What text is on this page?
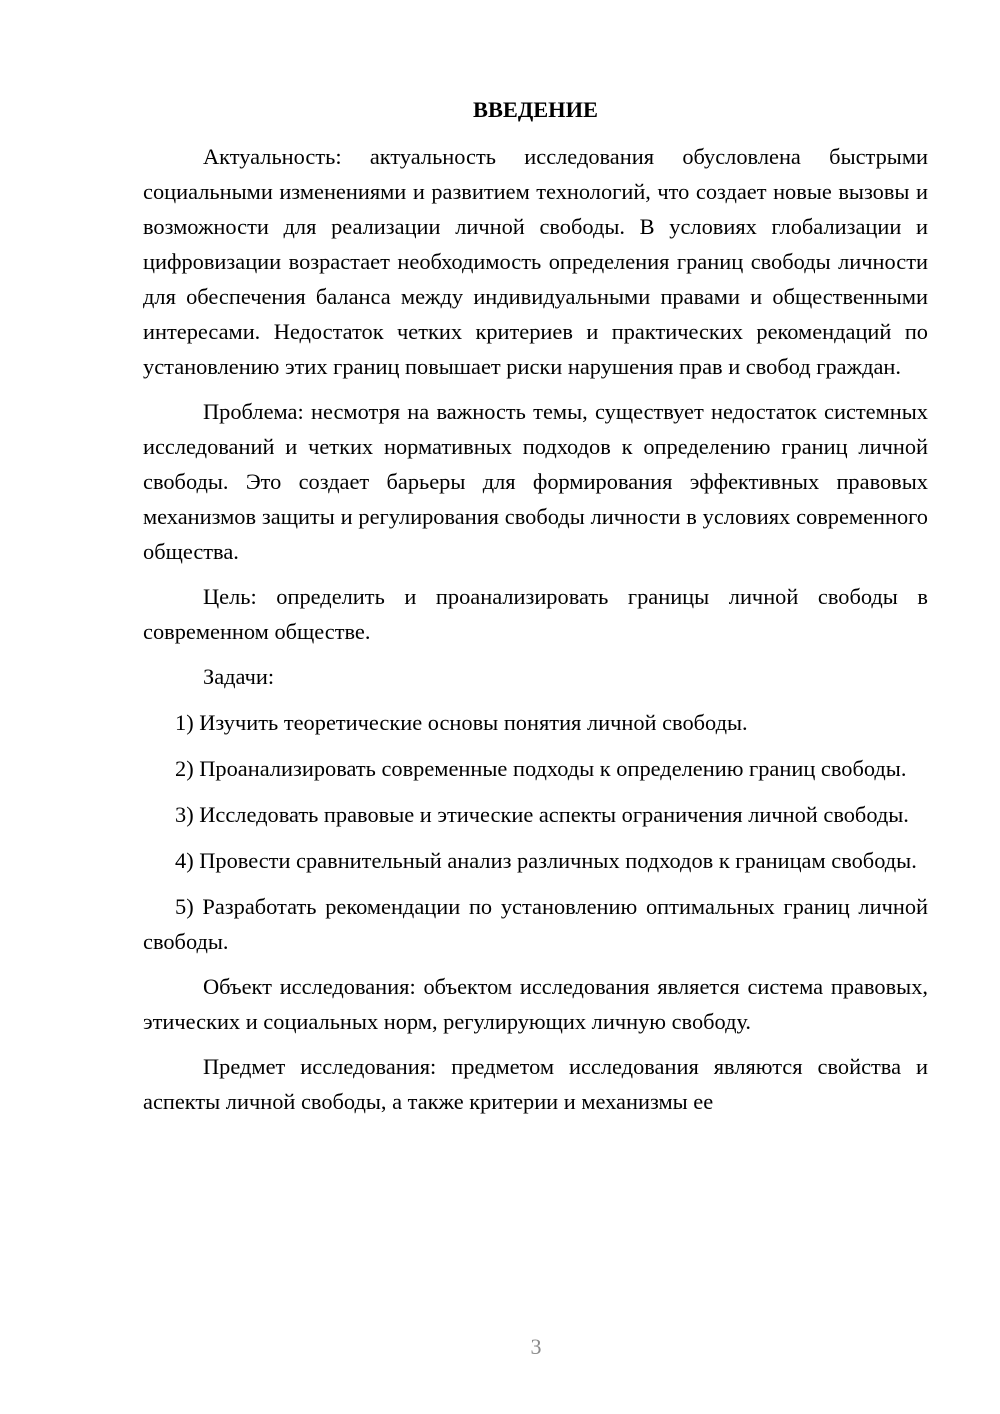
ВВЕДЕНИЕ

Актуальность: актуальность исследования обусловлена быстрыми социальными изменениями и развитием технологий, что создает новые вызовы и возможности для реализации личной свободы. В условиях глобализации и цифровизации возрастает необходимость определения границ свободы личности для обеспечения баланса между индивидуальными правами и общественными интересами. Недостаток четких критериев и практических рекомендаций по установлению этих границ повышает риски нарушения прав и свобод граждан.

Проблема: несмотря на важность темы, существует недостаток системных исследований и четких нормативных подходов к определению границ личной свободы. Это создает барьеры для формирования эффективных правовых механизмов защиты и регулирования свободы личности в условиях современного общества.

Цель: определить и проанализировать границы личной свободы в современном обществе.

Задачи:

1) Изучить теоретические основы понятия личной свободы.

2) Проанализировать современные подходы к определению границ свободы.

3) Исследовать правовые и этические аспекты ограничения личной свободы.

4) Провести сравнительный анализ различных подходов к границам свободы.

5) Разработать рекомендации по установлению оптимальных границ личной свободы.

Объект исследования: объектом исследования является система правовых, этических и социальных норм, регулирующих личную свободу.

Предмет исследования: предметом исследования являются свойства и аспекты личной свободы, а также критерии и механизмы ее

3
